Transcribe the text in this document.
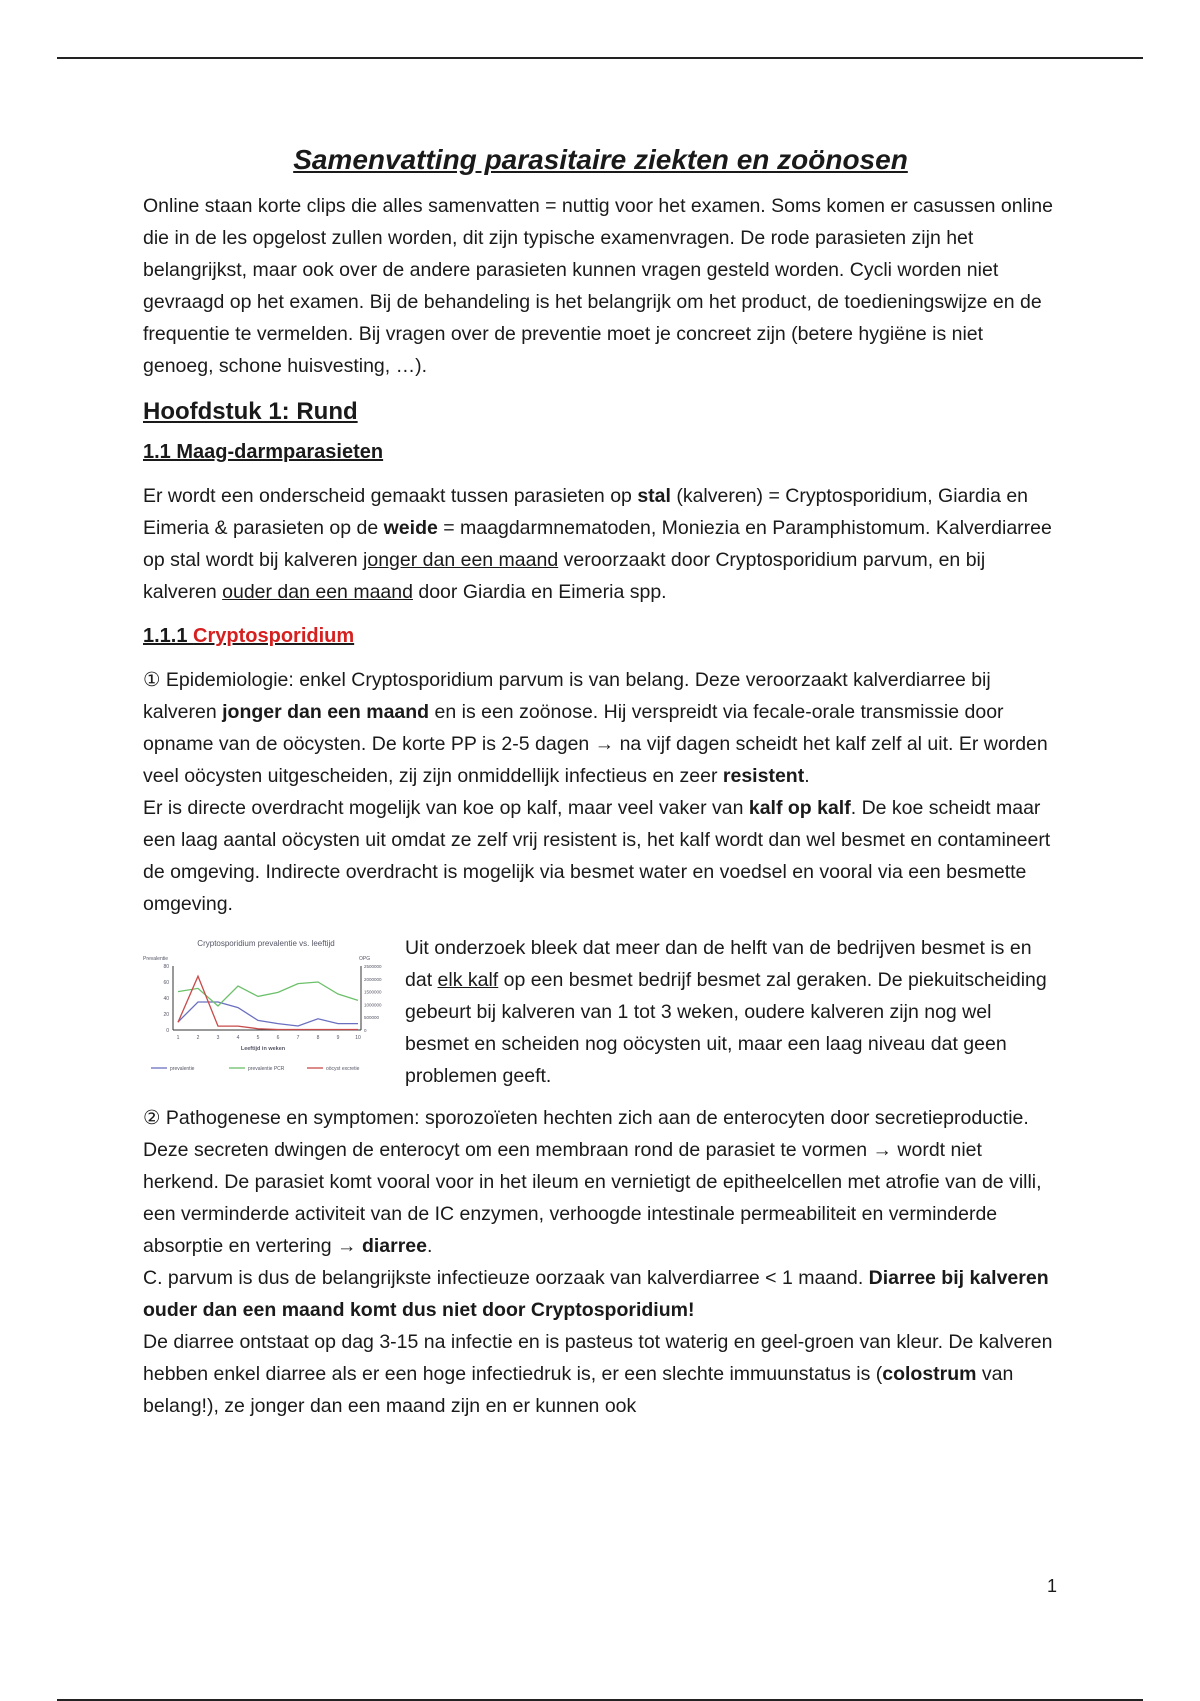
Samenvatting parasitaire ziekten en zoönosen

Online staan korte clips die alles samenvatten = nuttig voor het examen. Soms komen er casussen online die in de les opgelost zullen worden, dit zijn typische examenvragen. De rode parasieten zijn het belangrijkst, maar ook over de andere parasieten kunnen vragen gesteld worden. Cycli worden niet gevraagd op het examen. Bij de behandeling is het belangrijk om het product, de toedieningswijze en de frequentie te vermelden. Bij vragen over de preventie moet je concreet zijn (betere hygiëne is niet genoeg, schone huisvesting, …).

Hoofdstuk 1: Rund
1.1 Maag-darmparasieten

Er wordt een onderscheid gemaakt tussen parasieten op stal (kalveren) = Cryptosporidium, Giardia en Eimeria & parasieten op de weide = maagdarmnematoden, Moniezia en Paramphistomum. Kalverdiarree op stal wordt bij kalveren jonger dan een maand veroorzaakt door Cryptosporidium parvum, en bij kalveren ouder dan een maand door Giardia en Eimeria spp.

1.1.1 Cryptosporidium

① Epidemiologie: enkel Cryptosporidium parvum is van belang. Deze veroorzaakt kalverdiarree bij kalveren jonger dan een maand en is een zoönose. Hij verspreidt via fecale-orale transmissie door opname van de oöcysten. De korte PP is 2-5 dagen → na vijf dagen scheidt het kalf zelf al uit. Er worden veel oöcysten uitgescheiden, zij zijn onmiddellijk infectieus en zeer resistent.

Er is directe overdracht mogelijk van koe op kalf, maar veel vaker van kalf op kalf. De koe scheidt maar een laag aantal oöcysten uit omdat ze zelf vrij resistent is, het kalf wordt dan wel besmet en contamineert de omgeving. Indirecte overdracht is mogelijk via besmet water en voedsel en vooral via een besmette omgeving.

Cryptosporidium prevalentie vs. leeftijd
Prevalentie	OPG
Leeftijd in weken
0
20
40
60
80
0
500000
1000000
1500000
2000000
2500000
1	2	3	4	5	6	7	8	9	10
prevalentie	prevalentie PCR	oöcyst excretie

Uit onderzoek bleek dat meer dan de helft van de bedrijven besmet is en dat elk kalf op een besmet bedrijf besmet zal geraken. De piekuitscheiding gebeurt bij kalveren van 1 tot 3 weken, oudere kalveren zijn nog wel besmet en scheiden nog oöcysten uit, maar een laag niveau dat geen problemen geeft.

② Pathogenese en symptomen: sporozoïeten hechten zich aan de enterocyten door secretieproductie. Deze secreten dwingen de enterocyt om een membraan rond de parasiet te vormen → wordt niet herkend. De parasiet komt vooral voor in het ileum en vernietigt de epitheelcellen met atrofie van de villi, een verminderde activiteit van de IC enzymen, verhoogde intestinale permeabiliteit en verminderde absorptie en vertering → diarree.

C. parvum is dus de belangrijkste infectieuze oorzaak van kalverdiarree < 1 maand. Diarree bij kalveren ouder dan een maand komt dus niet door Cryptosporidium!

De diarree ontstaat op dag 3-15 na infectie en is pasteus tot waterig en geel-groen van kleur. De kalveren hebben enkel diarree als er een hoge infectiedruk is, er een slechte immuunstatus is (colostrum van belang!), ze jonger dan een maand zijn en er kunnen ook

1
